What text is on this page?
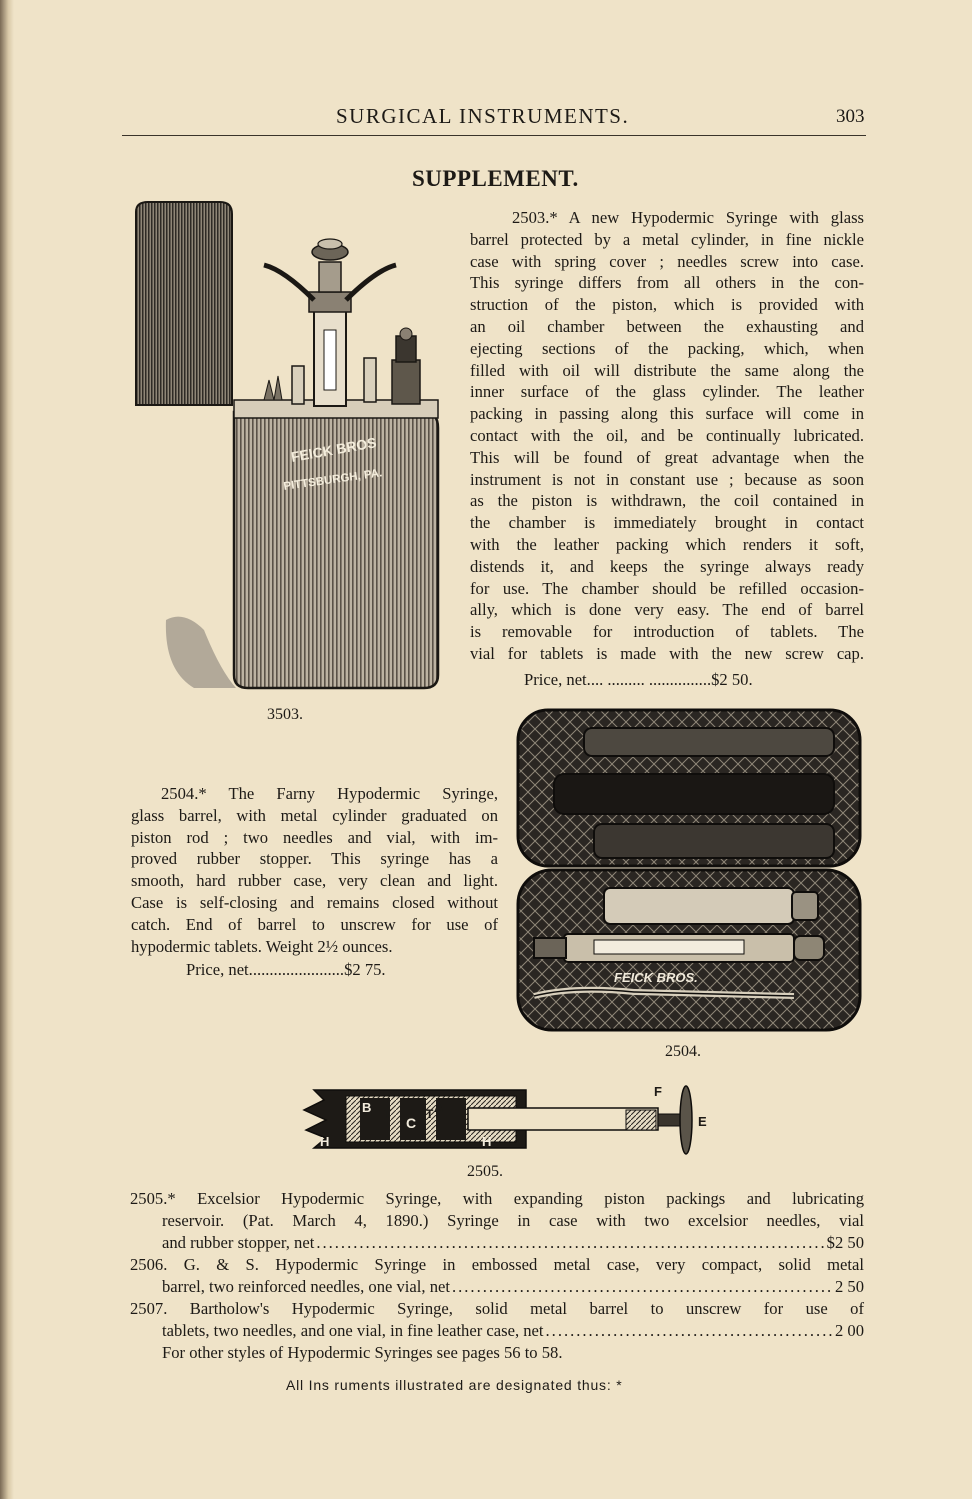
SURGICAL INSTRUMENTS.	303
SUPPLEMENT.
FEICK BROS
PITTSBURGH, PA.
2503.* A new Hypodermic Syringe with glass
barrel protected by a metal cylinder, in fine nickle
case with spring cover ; needles screw into case.
This syringe differs from all others in the con-
struction of the piston, which is provided with
an oil chamber between the exhausting and
ejecting sections of the packing, which, when
filled with oil will distribute the same along the
inner surface of the glass cylinder. The leather
packing in passing along this surface will come in
contact with the oil, and be continually lubricated.
This will be found of great advantage when the
instrument is not in constant use ; because as soon
as the piston is withdrawn, the coil contained in
the chamber is immediately brought in contact
with the leather packing which renders it soft,
distends it, and keeps the syringe always ready
for use. The chamber should be refilled occasion-
ally, which is done very easy. The end of barrel
is removable for introduction of tablets. The
vial for tablets is made with the new screw cap.
Price, net.... ......... ...............$2 50.
3503.
2504.* The Farny Hypodermic Syringe,
glass barrel, with metal cylinder graduated on
piston rod ; two needles and vial, with im-
proved rubber stopper. This syringe has a
smooth, hard rubber case, very clean and light.
Case is self-closing and remains closed without
catch. End of barrel to unscrew for use of
hypodermic tablets. Weight 2½ ounces.
Price, net.......................$2 75.	FEICK BROS.
2504.
B T
C
T A
H	H
F
E
2505.
2505.* Excelsior Hypodermic Syringe, with expanding piston packings and lubricating
reservoir. (Pat. March 4, 1890.) Syringe in case with two excelsior needles, vial
and rubber stopper, net .....	$2 50
2506. G. & S. Hypodermic Syringe in embossed metal case, very compact, solid metal
barrel, two reinforced needles, one vial, net .....	2 50
2507. Bartholow's Hypodermic Syringe, solid metal barrel to unscrew for use of
tablets, two needles, and one vial, in fine leather case, net .....	2 00
For other styles of Hypodermic Syringes see pages 56 to 58.
All Ins ruments illustrated are designated thus: *
